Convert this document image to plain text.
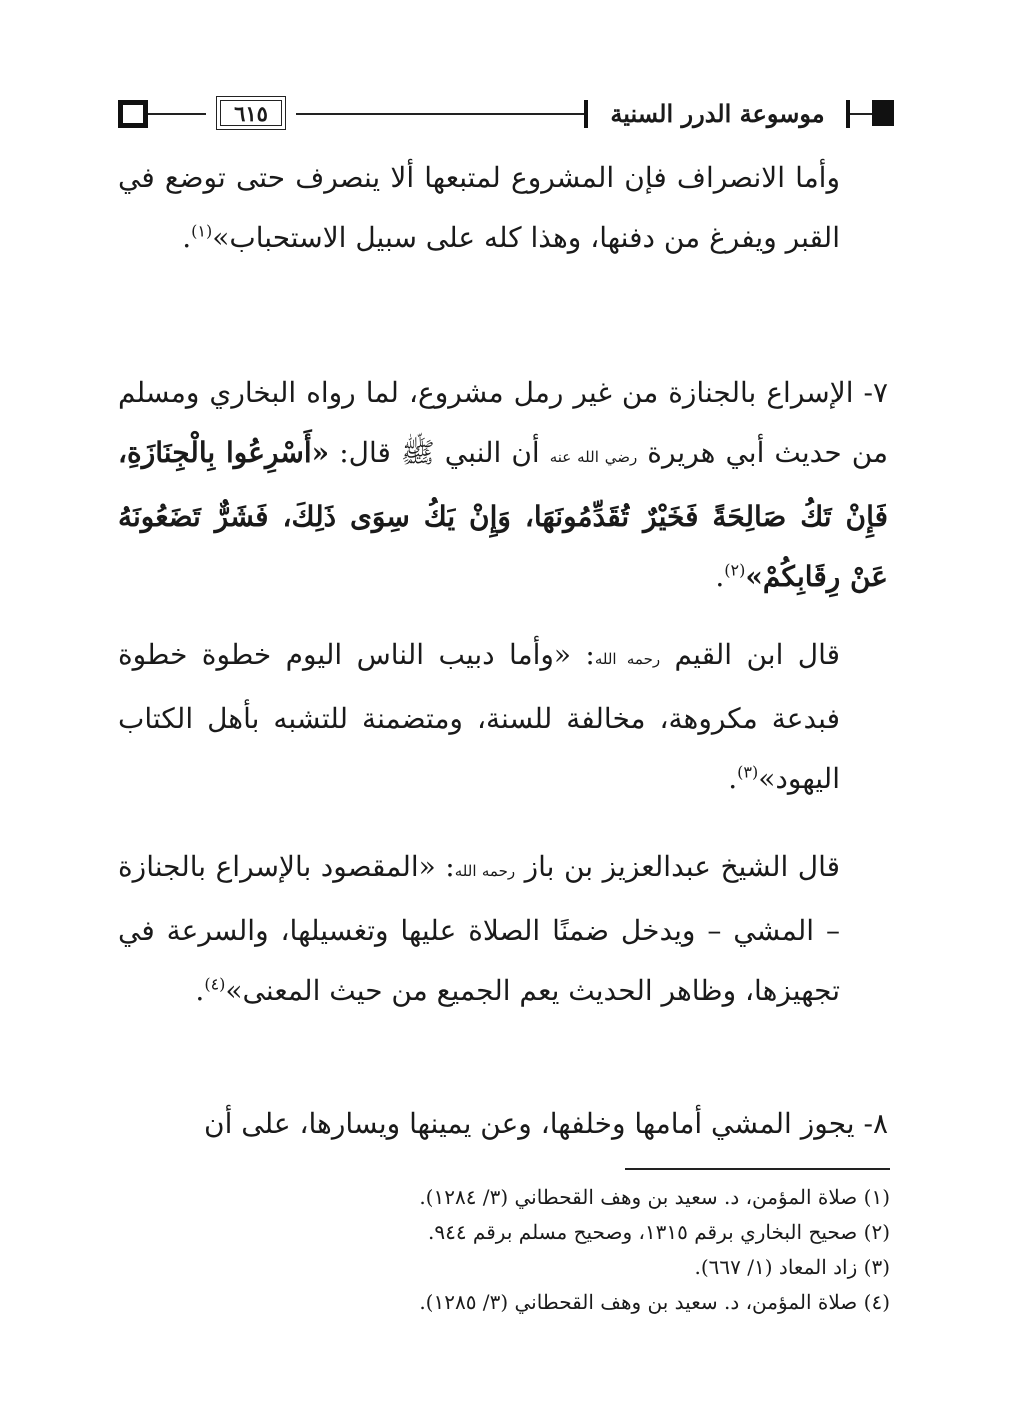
٦١٥	موسوعة الدرر السنية
وأما الانصراف فإن المشروع لمتبعها ألا ينصرف حتى توضع في القبر ويفرغ من دفنها، وهذا كله على سبيل الاستحباب»$^{(١)}$.
٧- الإسراع بالجنازة من غير رمل مشروع، لما رواه البخاري ومسلم من حديث أبي هريرة رضي الله عنه أن النبي ﷺ قال: «أَسْرِعُوا بِالْجِنَازَةِ، فَإِنْ تَكُ صَالِحَةً فَخَيْرٌ تُقَدِّمُونَهَا، وَإِنْ يَكُ سِوَى ذَلِكَ، فَشَرٌّ تَضَعُونَهُ عَنْ رِقَابِكُمْ»$^{(٢)}$.
قال ابن القيم رحمه الله: «وأما دبيب الناس اليوم خطوة خطوة فبدعة مكروهة، مخالفة للسنة، ومتضمنة للتشبه بأهل الكتاب اليهود»$^{(٣)}$.
قال الشيخ عبدالعزيز بن باز رحمه الله: «المقصود بالإسراع بالجنازة – المشي – ويدخل ضمنًا الصلاة عليها وتغسيلها، والسرعة في تجهيزها، وظاهر الحديث يعم الجميع من حيث المعنى»$^{(٤)}$.
٨- يجوز المشي أمامها وخلفها، وعن يمينها ويسارها، على أن
(١) صلاة المؤمن، د. سعيد بن وهف القحطاني (٣/ ١٢٨٤).
(٢) صحيح البخاري برقم ١٣١٥، وصحيح مسلم برقم ٩٤٤.
(٣) زاد المعاد (١/ ٦٦٧).
(٤) صلاة المؤمن، د. سعيد بن وهف القحطاني (٣/ ١٢٨٥).
